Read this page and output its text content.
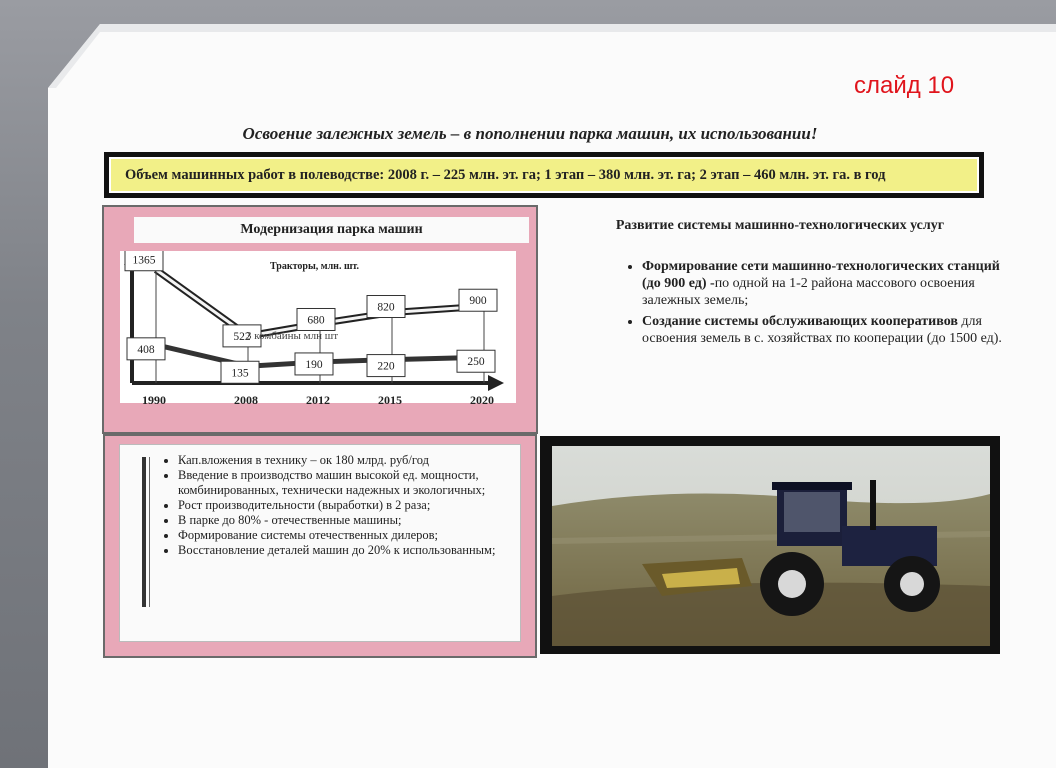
слайд 10
Освоение залежных земель – в пополнении парка машин, их использовании!
Объем машинных работ в полеводстве: 2008 г. – 225 млн. эт. га; 1 этап – 380 млн. эт. га; 2 этап – 460 млн. эт. га. в год
Модернизация парка машин
1365
522
680
820
900
408
135
190	220	250
Тракторы, млн. шт.
3 комбайны млн шт
1990	2008	2012	2015	2020
• Кап.вложения в технику – ок 180 млрд. руб/год
• Введение в производство машин высокой ед. мощности, комбинированных, технически надежных и экологичных;
• Рост производительности (выработки) в 2 раза;
• В парке до 80% - отечественные машины;
• Формирование системы отечественных дилеров;
• Восстановление деталей машин до 20% к использованным;
Развитие системы машинно-технологических услуг
• Формирование сети машинно-технологических станций (до 900 ед) -по одной на 1-2 района массового освоения залежных земель;
• Создание системы обслуживающих кооперативов для освоения земель в с. хозяйствах по кооперации (до 1500 ед).
